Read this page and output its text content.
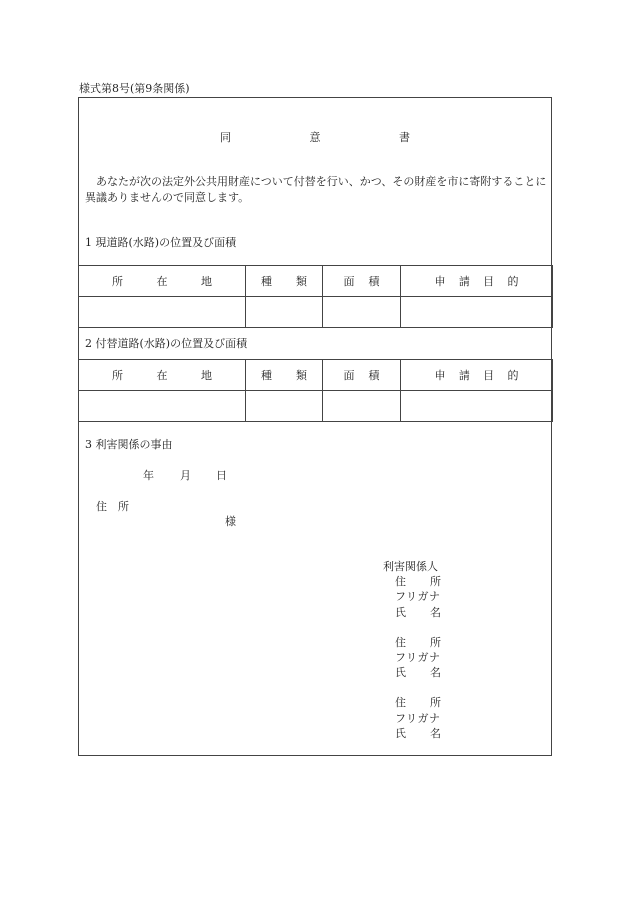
様式第8号(第9条関係)
同	意	書
あなたが次の法定外公共用財産について付替を行い、かつ、その財産を市に寄附することに異議ありませんので同意します。
1 現道路(水路)の位置及び面積
所 在 地	種 類	面 積	申 請 目 的

2 付替道路(水路)の位置及び面積
所 在 地	種 類	面 積	申 請 目 的

3 利害関係の事由
年 月 日
住 所
様
利害関係人
住 所
フリガナ
氏 名
住 所
フリガナ
氏 名
住 所
フリガナ
氏 名
